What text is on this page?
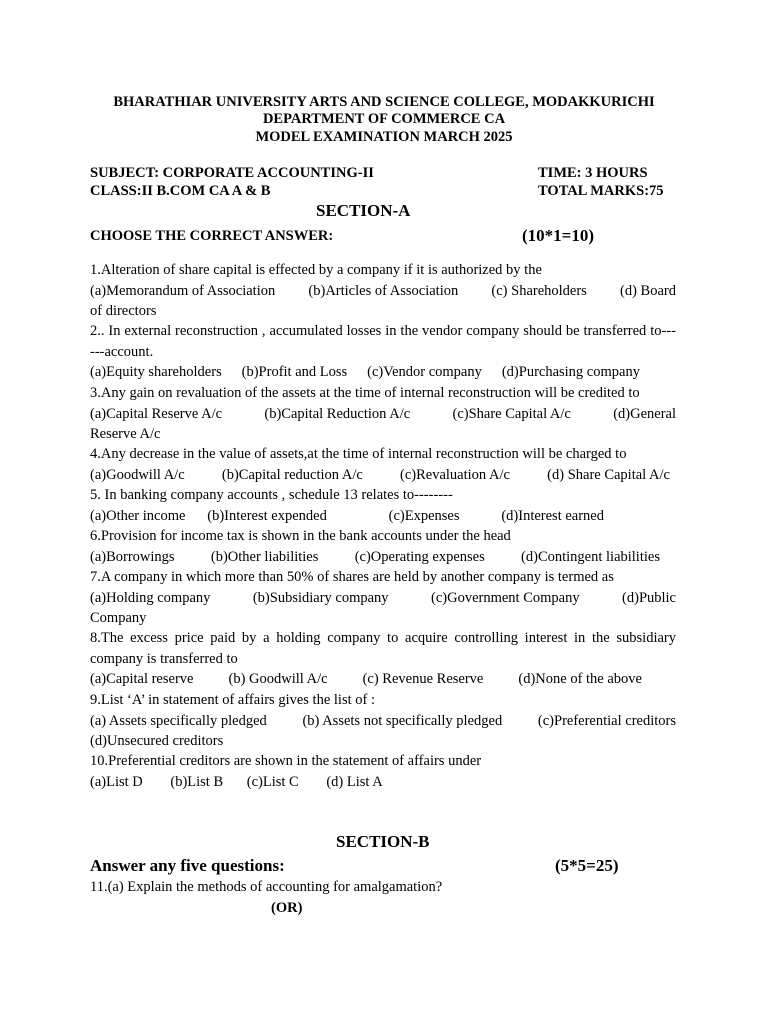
BHARATHIAR UNIVERSITY ARTS AND SCIENCE COLLEGE, MODAKKURICHI
DEPARTMENT OF COMMERCE CA
MODEL EXAMINATION MARCH 2025
SUBJECT: CORPORATE ACCOUNTING-II	TIME: 3 HOURS
CLASS:II B.COM CA A & B	TOTAL MARKS:75
SECTION-A
CHOOSE THE CORRECT ANSWER:	(10*1=10)
1.Alteration of share capital is effected by a company if it is authorized by the
(a)Memorandum of Association (b)Articles of Association (c) Shareholders (d) Board
of directors
2.. In external reconstruction , accumulated losses in the vendor company should be transferred to------account.
(a)Equity shareholders (b)Profit and Loss (c)Vendor company (d)Purchasing company
3.Any gain on revaluation of the assets at the time of internal reconstruction will be credited to
(a)Capital Reserve A/c	(b)Capital Reduction A/c	(c)Share Capital A/c	(d)General
Reserve A/c
4.Any decrease in the value of assets,at the time of internal reconstruction will be charged to
(a)Goodwill A/c	(b)Capital reduction A/c	(c)Revaluation A/c	(d) Share Capital A/c
5. In banking company accounts , schedule 13 relates to--------
(a)Other income (b)Interest expended	(c)Expenses	(d)Interest earned
6.Provision for income tax is shown in the bank accounts under the head
(a)Borrowings	(b)Other liabilities	(c)Operating expenses	(d)Contingent liabilities
7.A company in which more than 50% of shares are held by another company is termed as
(a)Holding company	(b)Subsidiary company	(c)Government Company	(d)Public
Company
8.The excess price paid by a holding company to acquire controlling interest in the subsidiary company is transferred to
(a)Capital reserve (b) Goodwill A/c (c) Revenue Reserve (d)None of the above
9.List ‘A’ in statement of affairs gives the list of :
(a) Assets specifically pledged (b) Assets not specifically pledged (c)Preferential creditors
(d)Unsecured creditors
10.Preferential creditors are shown in the statement of affairs under
(a)List D (b)List B (c)List C (d) List A
SECTION-B
Answer any five questions:	(5*5=25)
11.(a) Explain the methods of accounting for amalgamation?
(OR)
